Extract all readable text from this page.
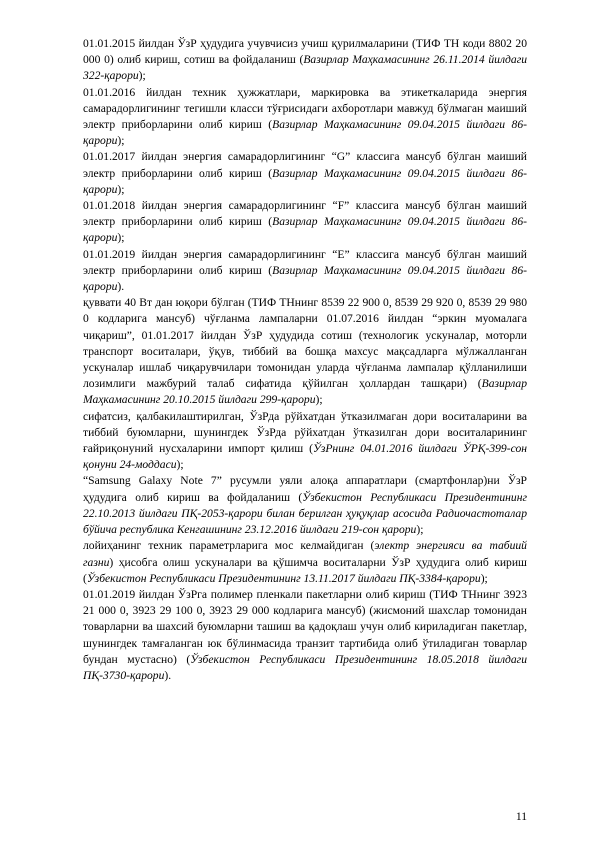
01.01.2015 йилдан ЎзР ҳудудига учувчисиз учиш қурилмаларини (ТИФ ТН коди 8802 20 000 0) олиб кириш, сотиш ва фойдаланиш (Вазирлар Маҳкамасининг 26.11.2014 йилдаги 322-қарори);

01.01.2016 йилдан техник ҳужжатлари, маркировка ва этикеткаларида энергия самарадорлигининг тегишли класси тўғрисидаги ахборотлари мавжуд бўлмаган маиший электр приборларини олиб кириш (Вазирлар Маҳкамасининг 09.04.2015 йилдаги 86-қарори);

01.01.2017 йилдан энергия самарадорлигининг “G” классига мансуб бўлган маиший электр приборларини олиб кириш (Вазирлар Маҳкамасининг 09.04.2015 йилдаги 86-қарори);

01.01.2018 йилдан энергия самарадорлигининг “F” классига мансуб бўлган маиший электр приборларини олиб кириш (Вазирлар Маҳкамасининг 09.04.2015 йилдаги 86-қарори);

01.01.2019 йилдан энергия самарадорлигининг “E” классига мансуб бўлган маиший электр приборларини олиб кириш (Вазирлар Маҳкамасининг 09.04.2015 йилдаги 86-қарори).

қуввати 40 Вт дан юқори бўлган (ТИФ ТНнинг 8539 22 900 0, 8539 29 920 0, 8539 29 980 0 кодларига мансуб) чўғланма лампаларни 01.07.2016 йилдан “эркин муомалага чиқариш”, 01.01.2017 йилдан ЎзР ҳудудида сотиш (технологик ускуналар, моторли транспорт воситалари, ўқув, тиббий ва бошқа махсус мақсадларга мўлжалланган ускуналар ишлаб чиқарувчилари томонидан уларда чўғланма лампалар қўлланилиши лозимлиги мажбурий талаб сифатида қўйилган ҳоллардан ташқари) (Вазирлар Маҳкамасининг 20.10.2015 йилдаги 299-қарори);

сифатсиз, қалбакилаштирилган, ЎзРда рўйхатдан ўтказилмаган дори воситаларини ва тиббий буюмларни, шунингдек ЎзРда рўйхатдан ўтказилган дори воситаларининг ғайриқонуний нусхаларини импорт қилиш (ЎзРнинг 04.01.2016 йилдаги ЎРҚ-399-сон қонуни 24-моддаси);

“Samsung Galaxy Note 7” русумли уяли алоқа аппаратлари (смартфонлар)ни ЎзР ҳудудига олиб кириш ва фойдаланиш (Ўзбекистон Республикаси Президентининг 22.10.2013 йилдаги ПҚ-2053-қарори билан берилган ҳуқуқлар асосида Радиочастоталар бўйича республика Кенгашининг 23.12.2016 йилдаги 219-сон қарори);

лойиҳанинг техник параметрларига мос келмайдиган (электр энергияси ва табиий газни) ҳисобга олиш ускуналари ва қўшимча воситаларни ЎзР ҳудудига олиб кириш (Ўзбекистон Республикаси Президентининг 13.11.2017 йилдаги ПҚ-3384-қарори);

01.01.2019 йилдан ЎзРга полимер пленкали пакетларни олиб кириш (ТИФ ТНнинг 3923 21 000 0, 3923 29 100 0, 3923 29 000 кодларига мансуб) (жисмоний шахслар томонидан товарларни ва шахсий буюмларни ташиш ва қадоқлаш учун олиб кириладиган пакетлар, шунингдек тамғаланган юк бўлинмасида транзит тартибида олиб ўтиладиган товарлар бундан мустасно) (Ўзбекистон Республикаси Президентининг 18.05.2018 йилдаги ПҚ-3730-қарори).

11
